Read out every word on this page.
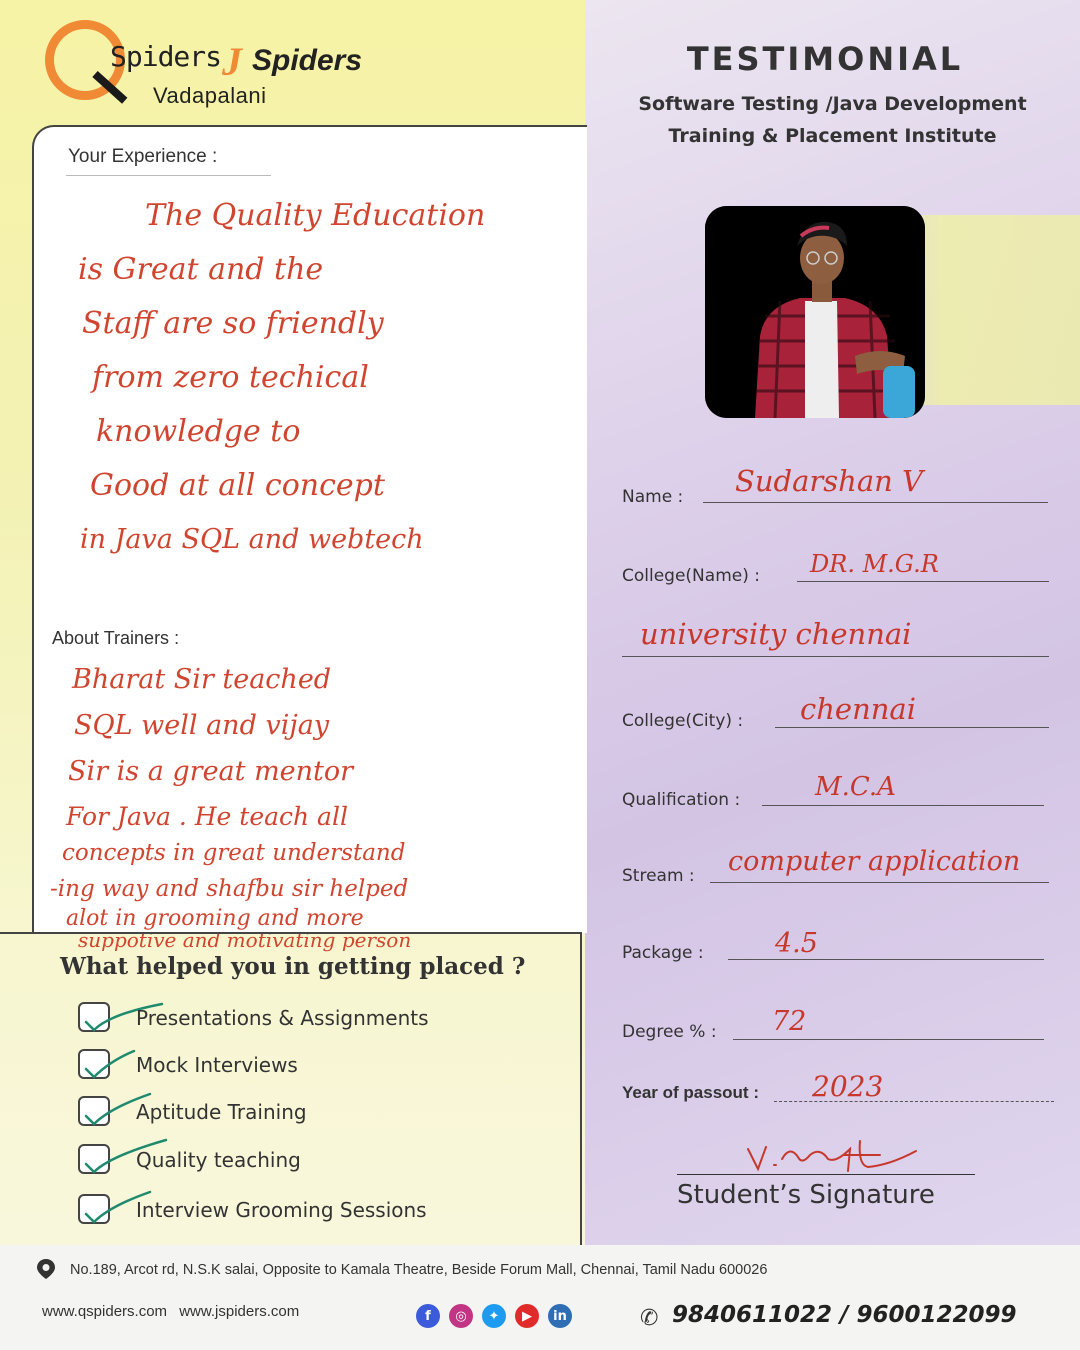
Spiders J Spiders
Vadapalani
TESTIMONIAL
Software Testing /Java Development
Training & Placement Institute
Your Experience :
The Quality Education
is Great and the
Staff are so friendly
from zero techical
knowledge to
Good at all concept
in Java SQL and webtech
About Trainers :
Bharat Sir teached
SQL well and vijay
Sir is a great mentor
For Java . He teach all
concepts in great understand
-ing way and shafbu sir helped
alot in grooming and more
suppotive and motivating person
What helped you in getting placed ?
Presentations & Assignments
Mock Interviews
Aptitude Training
Quality teaching
Interview Grooming Sessions
Name : Sudarshan V
College(Name) : DR. M.G.R
university chennai
College(City) : chennai
Qualification :	M.C.A
Stream : computer application
Package :	4.5
Degree % : 72
Year of passout : 2023
Student’s Signature
No.189, Arcot rd, N.S.K salai, Opposite to Kamala Theatre, Beside Forum Mall, Chennai, Tamil Nadu 600026
www.qspiders.com www.jspiders.com	f	◎	✦	▶	in	✆ 9840611022 / 9600122099
